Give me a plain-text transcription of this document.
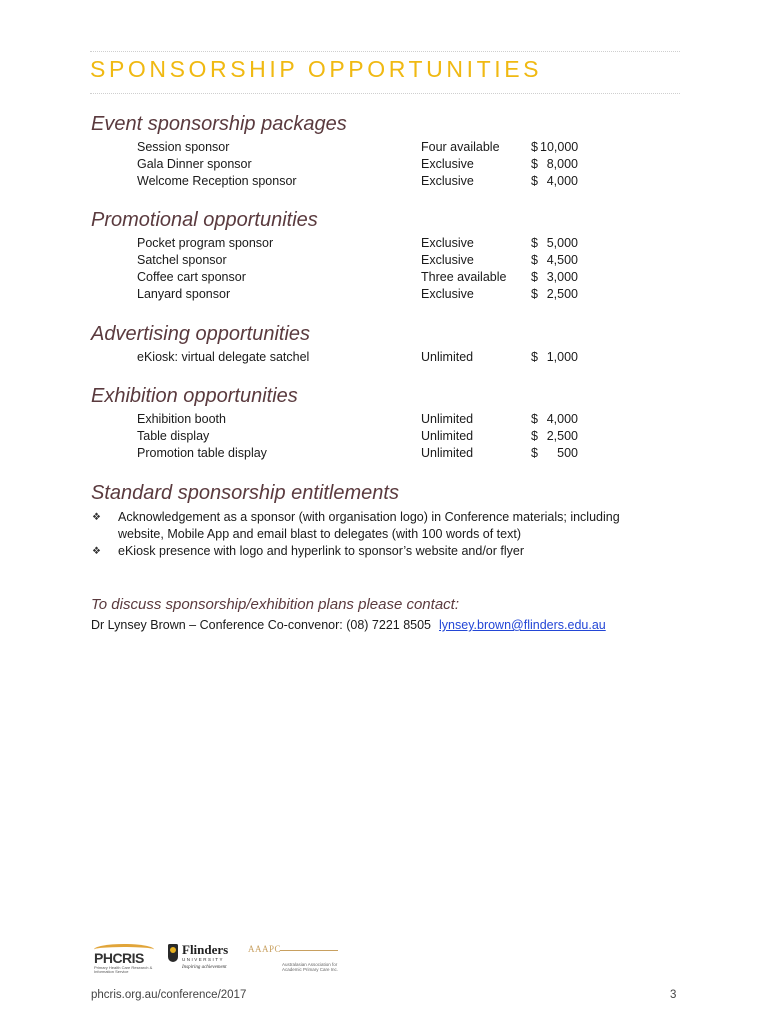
SPONSORSHIP OPPORTUNITIES
Event sponsorship packages
Session sponsor	Four available	$ 10,000
Gala Dinner sponsor	Exclusive	$ 8,000
Welcome Reception sponsor	Exclusive	$ 4,000
Promotional opportunities
Pocket program sponsor	Exclusive	$ 5,000
Satchel sponsor	Exclusive	$ 4,500
Coffee cart sponsor	Three available $ 3,000
Lanyard sponsor	Exclusive	$ 2,500
Advertising opportunities
eKiosk: virtual delegate satchel	Unlimited	$ 1,000
Exhibition opportunities
Exhibition booth	Unlimited	$ 4,000
Table display	Unlimited	$ 2,500
Promotion table display	Unlimited	$	500
Standard sponsorship entitlements
❖ Acknowledgement as a sponsor (with organisation logo) in Conference materials; including website, Mobile App and email blast to delegates (with 100 words of text)
❖ eKiosk presence with logo and hyperlink to sponsor’s website and/or flyer
To discuss sponsorship/exhibition plans please contact:
Dr Lynsey Brown – Conference Co-convenor: (08) 7221 8505 lynsey.brown@flinders.edu.au
PHCRIS
Primary Health Care Research & Information Service
Flinders
UNIVERSITY
Inspiring achievement
AAAPC
Australasian Association for Academic Primary Care Inc.
phcris.org.au/conference/2017	3
